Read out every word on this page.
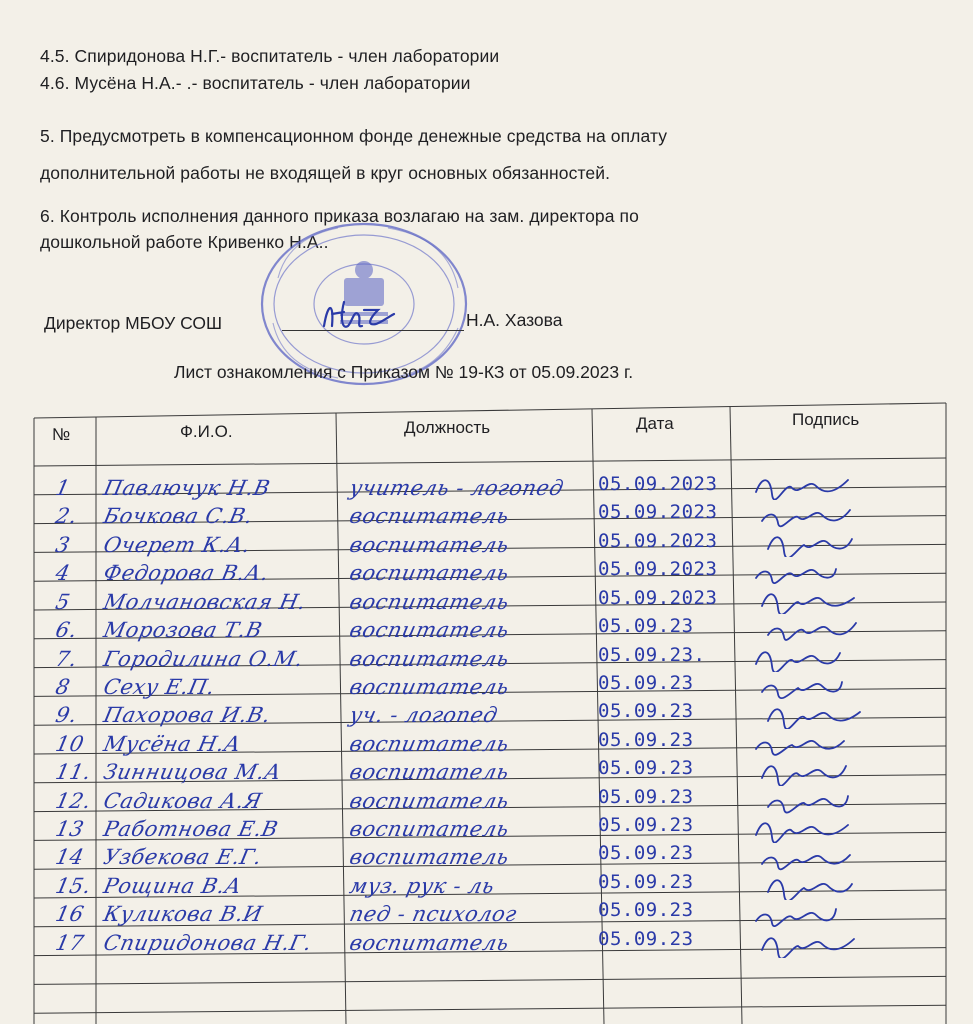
4.5. Спиридонова Н.Г.- воспитатель - член лаборатории
4.6. Мусёна Н.А.- .- воспитатель - член лаборатории
5. Предусмотреть в компенсационном фонде денежные средства на оплату
дополнительной работы не входящей в круг основных обязанностей.
6. Контроль исполнения данного приказа возлагаю на зам. директора по
дошкольной работе Кривенко Н.А..
Директор МБОУ СОШ	Н.А. Хазова
Лист ознакомления с Приказом № 19-КЗ от 05.09.2023 г.
№	Ф.И.О.	Должность	Дата	Подпись
1 Павлючук Н.В	учитель - логопед 05.09.2023
2. Бочкова С.В.	воспитатель	05.09.2023
3 Очерет К.А.	воспитатель	05.09.2023
4 Федорова В.А.	воспитатель	05.09.2023
5 Молчановская Н. воспитатель	05.09.2023
6. Морозова Т.В	воспитатель	05.09.23
7. Городилина О.М. воспитатель	05.09.23.
8 Сеху Е.П.	воспитатель	05.09.23
9. Пахорова И.В.	уч. - логопед	05.09.23
10 Мусёна Н.А	воспитатель	05.09.23
11. Зинницова М.А	воспитатель	05.09.23
12. Садикова А.Я	воспитатель	05.09.23
13 Работнова Е.В	воспитатель	05.09.23
14 Узбекова Е.Г.	воспитатель	05.09.23
15. Рощина В.А	муз. рук - ль	05.09.23
16 Куликова В.И	пед - психолог	05.09.23
17 Спиридонова Н.Г. воспитатель	05.09.23
